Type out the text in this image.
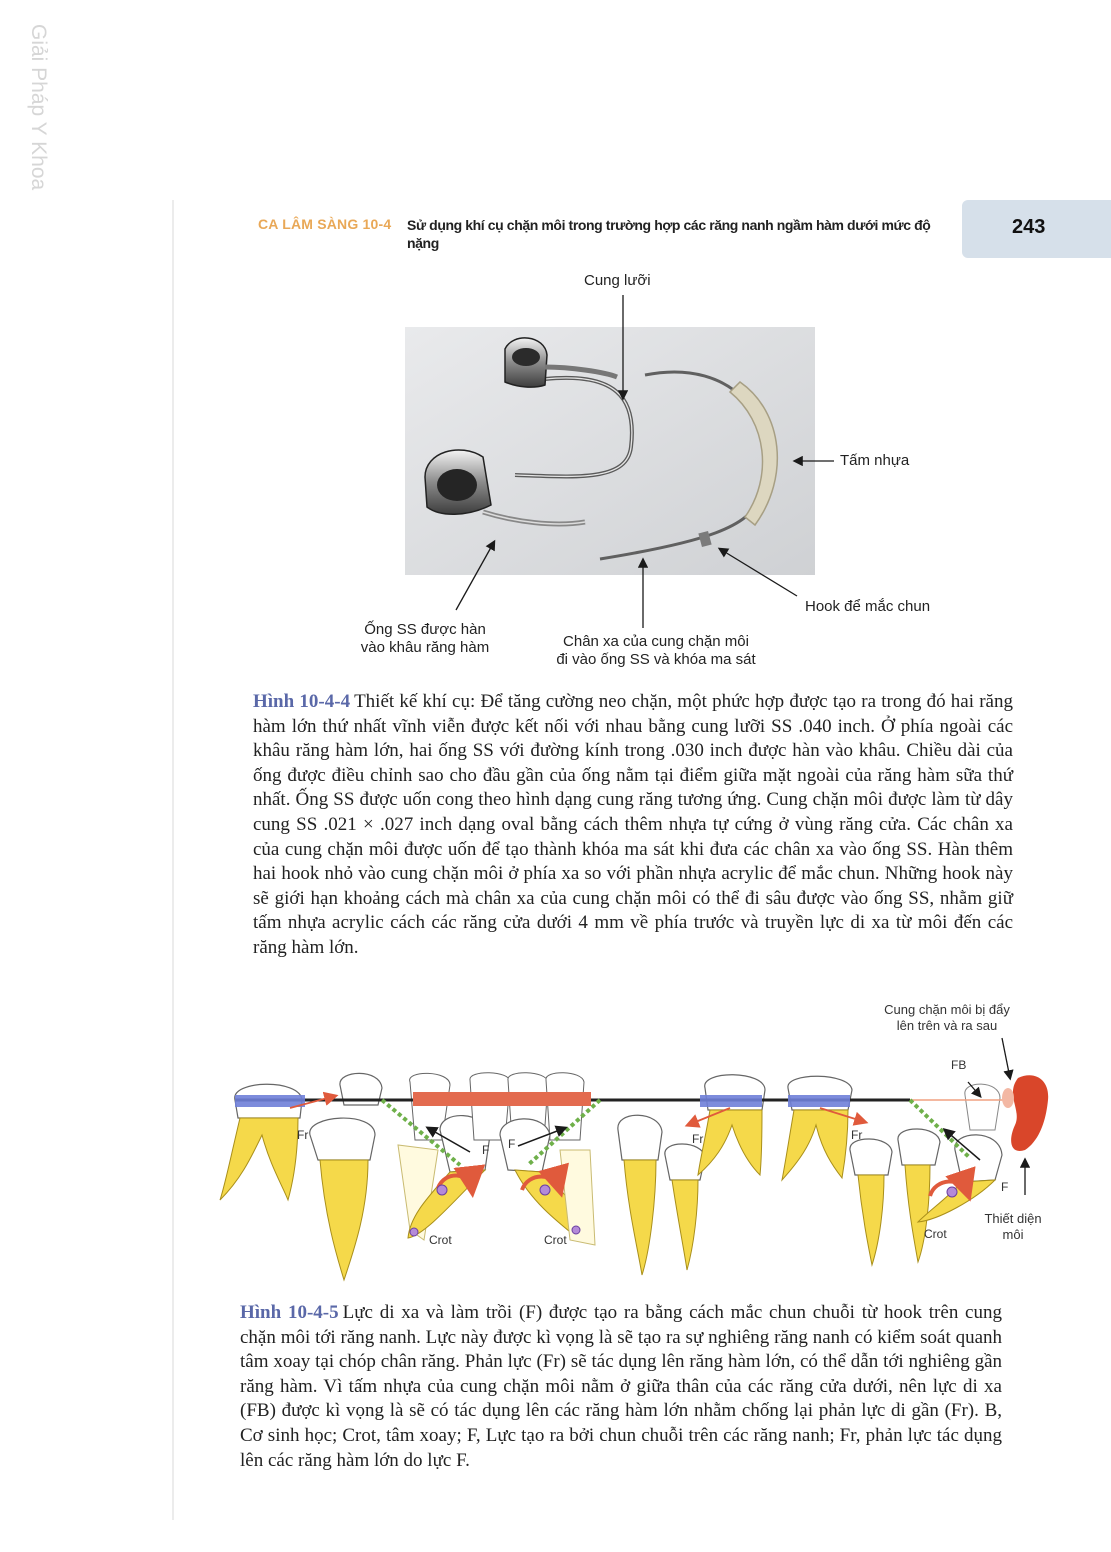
Giải Pháp Y Khoa
CA LÂM SÀNG 10-4 Sử dụng khí cụ chặn môi trong trường hợp các răng nanh ngầm hàm dưới mức độ nặng
243
Cung lưỡi
Tấm nhựa
Hook để mắc chun
Ống SS được hàn
vào khâu răng hàm	Chân xa của cung chặn môi
đi vào ống SS và khóa ma sát
Hình 10-4-4 Thiết kế khí cụ: Để tăng cường neo chặn, một phức hợp được tạo ra trong đó hai răng hàm lớn thứ nhất vĩnh viễn được kết nối với nhau bằng cung lưỡi SS .040 inch. Ở phía ngoài các khâu răng hàm lớn, hai ống SS với đường kính trong .030 inch được hàn vào khâu. Chiều dài của ống được điều chỉnh sao cho đầu gần của ống nằm tại điểm giữa mặt ngoài của răng hàm sữa thứ nhất. Ống SS được uốn cong theo hình dạng cung răng tương ứng. Cung chặn môi được làm từ dây cung SS .021 × .027 inch dạng oval bằng cách thêm nhựa tự cứng ở vùng răng cửa. Các chân xa của cung chặn môi được uốn để tạo thành khóa ma sát khi đưa các chân xa vào ống SS. Hàn thêm hai hook nhỏ vào cung chặn môi ở phía xa so với phần nhựa acrylic để mắc chun. Những hook này sẽ giới hạn khoảng cách mà chân xa của cung chặn môi có thể đi sâu được vào ống SS, nhằm giữ tấm nhựa acrylic cách các răng cửa dưới 4 mm về phía trước và truyền lực di xa từ môi đến các răng hàm lớn.
Cung chặn môi bị đẩy
lên trên và ra sau
FB
Fr	Fr	Fr
F F
F
Crot	Crot	Crot
Thiết diện
môi
Hình 10-4-5 Lực di xa và làm trồi (F) được tạo ra bằng cách mắc chun chuỗi từ hook trên cung chặn môi tới răng nanh. Lực này được kì vọng là sẽ tạo ra sự nghiêng răng nanh có kiểm soát quanh tâm xoay tại chóp chân răng. Phản lực (Fr) sẽ tác dụng lên răng hàm lớn, có thể dẫn tới nghiêng gần răng hàm. Vì tấm nhựa của cung chặn môi nằm ở giữa thân của các răng cửa dưới, nên lực di xa (FB) được kì vọng là sẽ có tác dụng lên các răng hàm lớn nhằm chống lại phản lực di gần (Fr). B, Cơ sinh học; Crot, tâm xoay; F, Lực tạo ra bởi chun chuỗi trên các răng nanh; Fr, phản lực tác dụng lên các răng hàm lớn do lực F.
